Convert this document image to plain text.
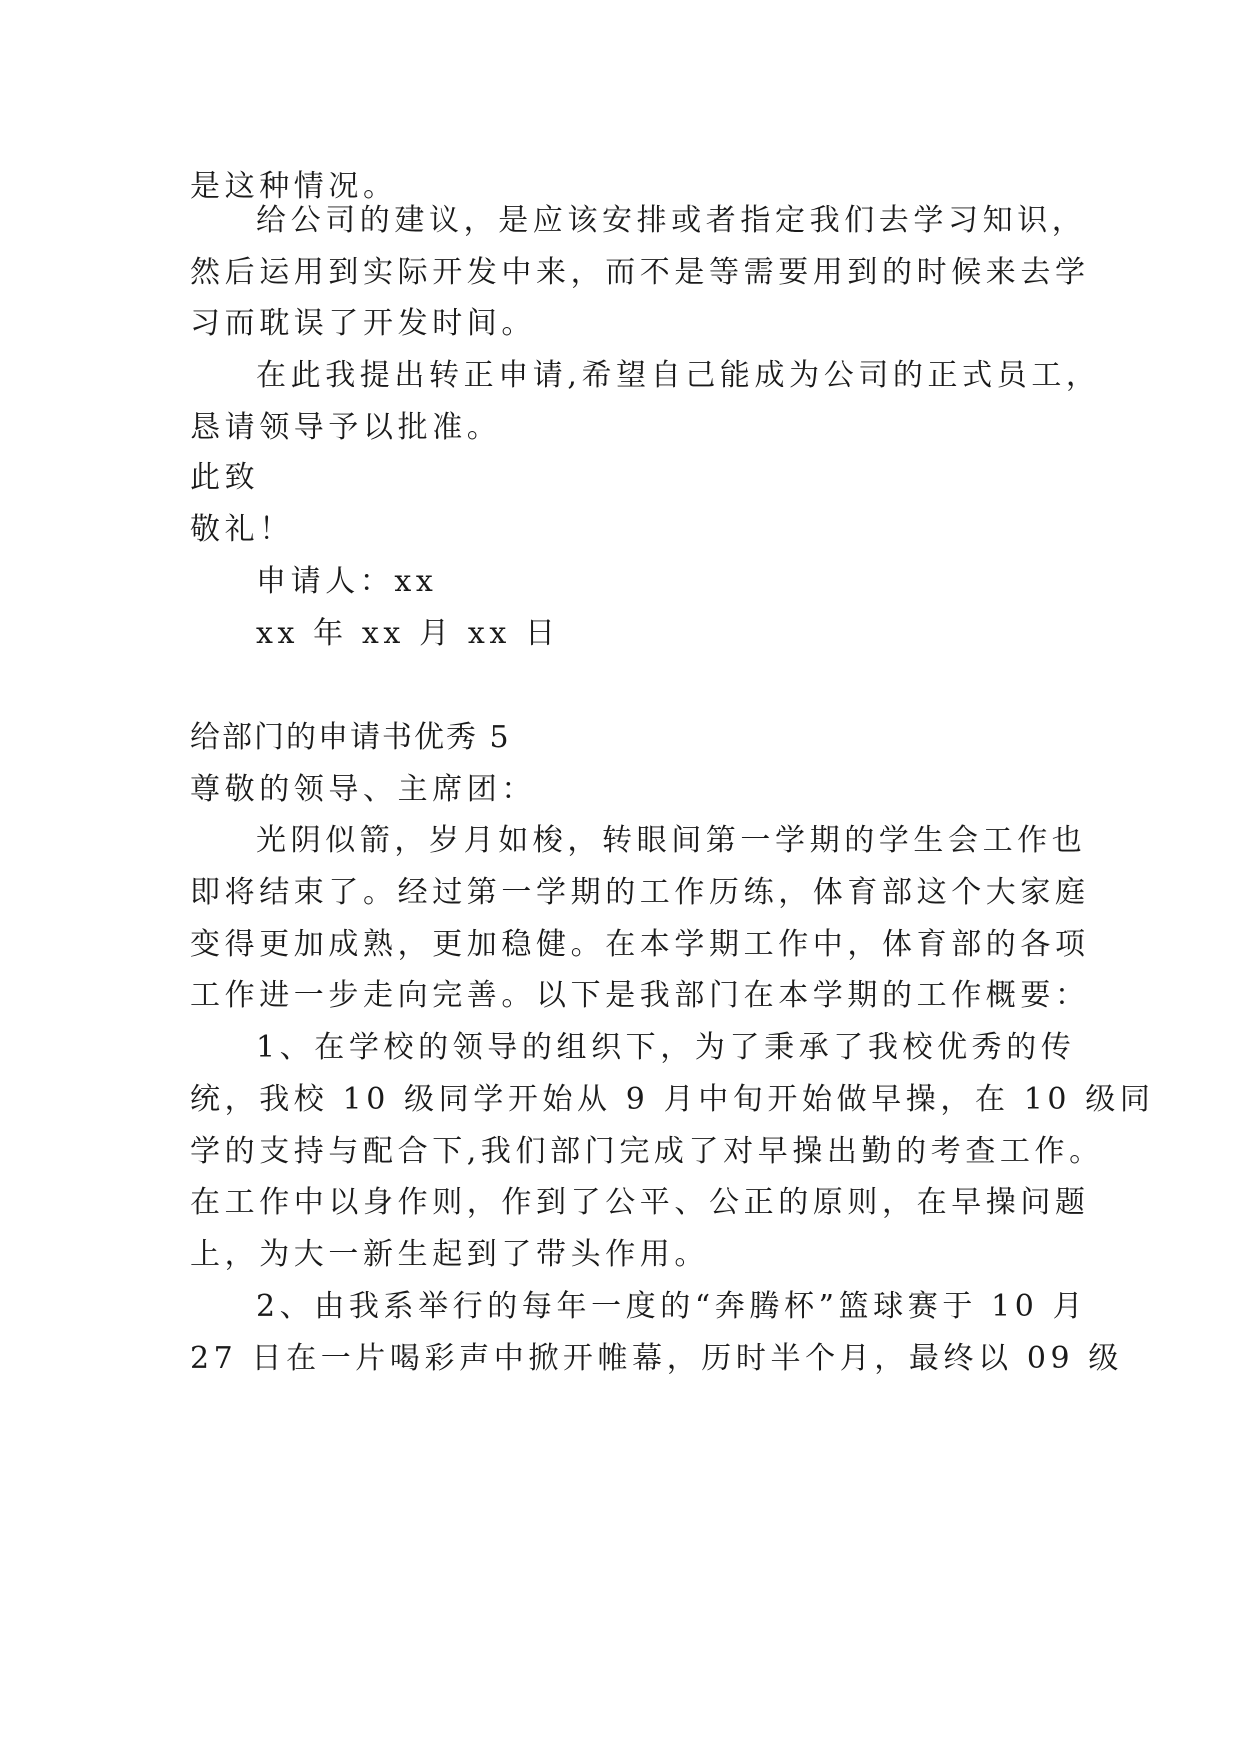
是这种情况。
给公司的建议，是应该安排或者指定我们去学习知识，
然后运用到实际开发中来，而不是等需要用到的时候来去学
习而耽误了开发时间。
在此我提出转正申请,希望自己能成为公司的正式员工，
恳请领导予以批准。
此致
敬礼！
申请人：xx
xx 年 xx 月 xx 日
给部门的申请书优秀 5
尊敬的领导、主席团：
光阴似箭，岁月如梭，转眼间第一学期的学生会工作也
即将结束了。经过第一学期的工作历练，体育部这个大家庭
变得更加成熟，更加稳健。在本学期工作中，体育部的各项
工作进一步走向完善。以下是我部门在本学期的工作概要：
1、在学校的领导的组织下，为了秉承了我校优秀的传
统，我校 10 级同学开始从 9 月中旬开始做早操，在 10 级同
学的支持与配合下,我们部门完成了对早操出勤的考查工作。
在工作中以身作则，作到了公平、公正的原则，在早操问题
上，为大一新生起到了带头作用。
2、由我系举行的每年一度的“奔腾杯”篮球赛于 10 月
27 日在一片喝彩声中掀开帷幕，历时半个月，最终以 09 级
